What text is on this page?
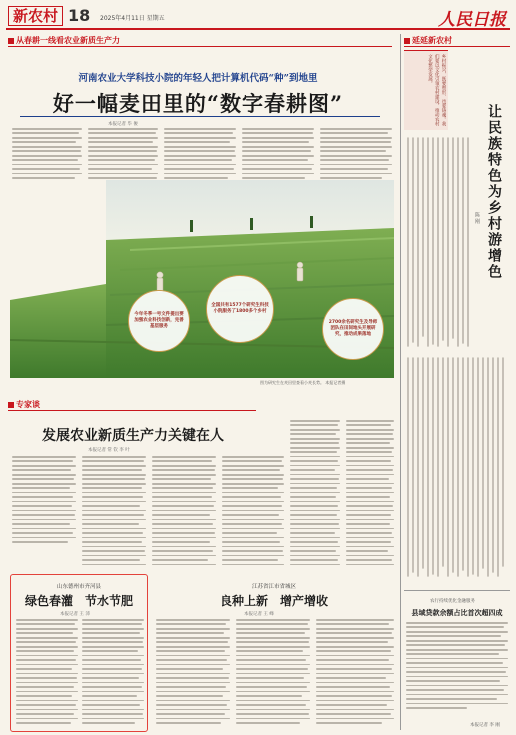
新农村 18 2025年4月11日 星期五	人民日报
从春耕一线看农业新质生产力
河南农业大学科技小院的年轻人把计算机代码“种”到地里
好一幅麦田里的“数字春耕图”
本报记者 毕 俊
今年冬季一号文件提出要加强农业科技创新，完善基层服务
全国共有1577个研究生科技小院服务了1800多个乡村
2700余名研究生及导师团队在田间地头开展研究，推动成果落地
图为研究生在麦田里查看小麦长势。 本报记者摄
专家谈
发展农业新质生产力关键在人
本报记者 常 钦 李 叶
山东德州市齐河县
绿色春灌　节水节肥
本报记者 王 沛
江苏省江市省城区
良种上新　增产增收
本报记者 王 峰
延延新农村
乡村振兴，既要塑形，也要铸魂。我们要以文化引领农村建设，推动农村文化繁荣发展。
让民族特色为乡村游增色
陈 刚
农行持续优化金融服务
县域贷款余额占比首次超四成
本报记者 李 刚
